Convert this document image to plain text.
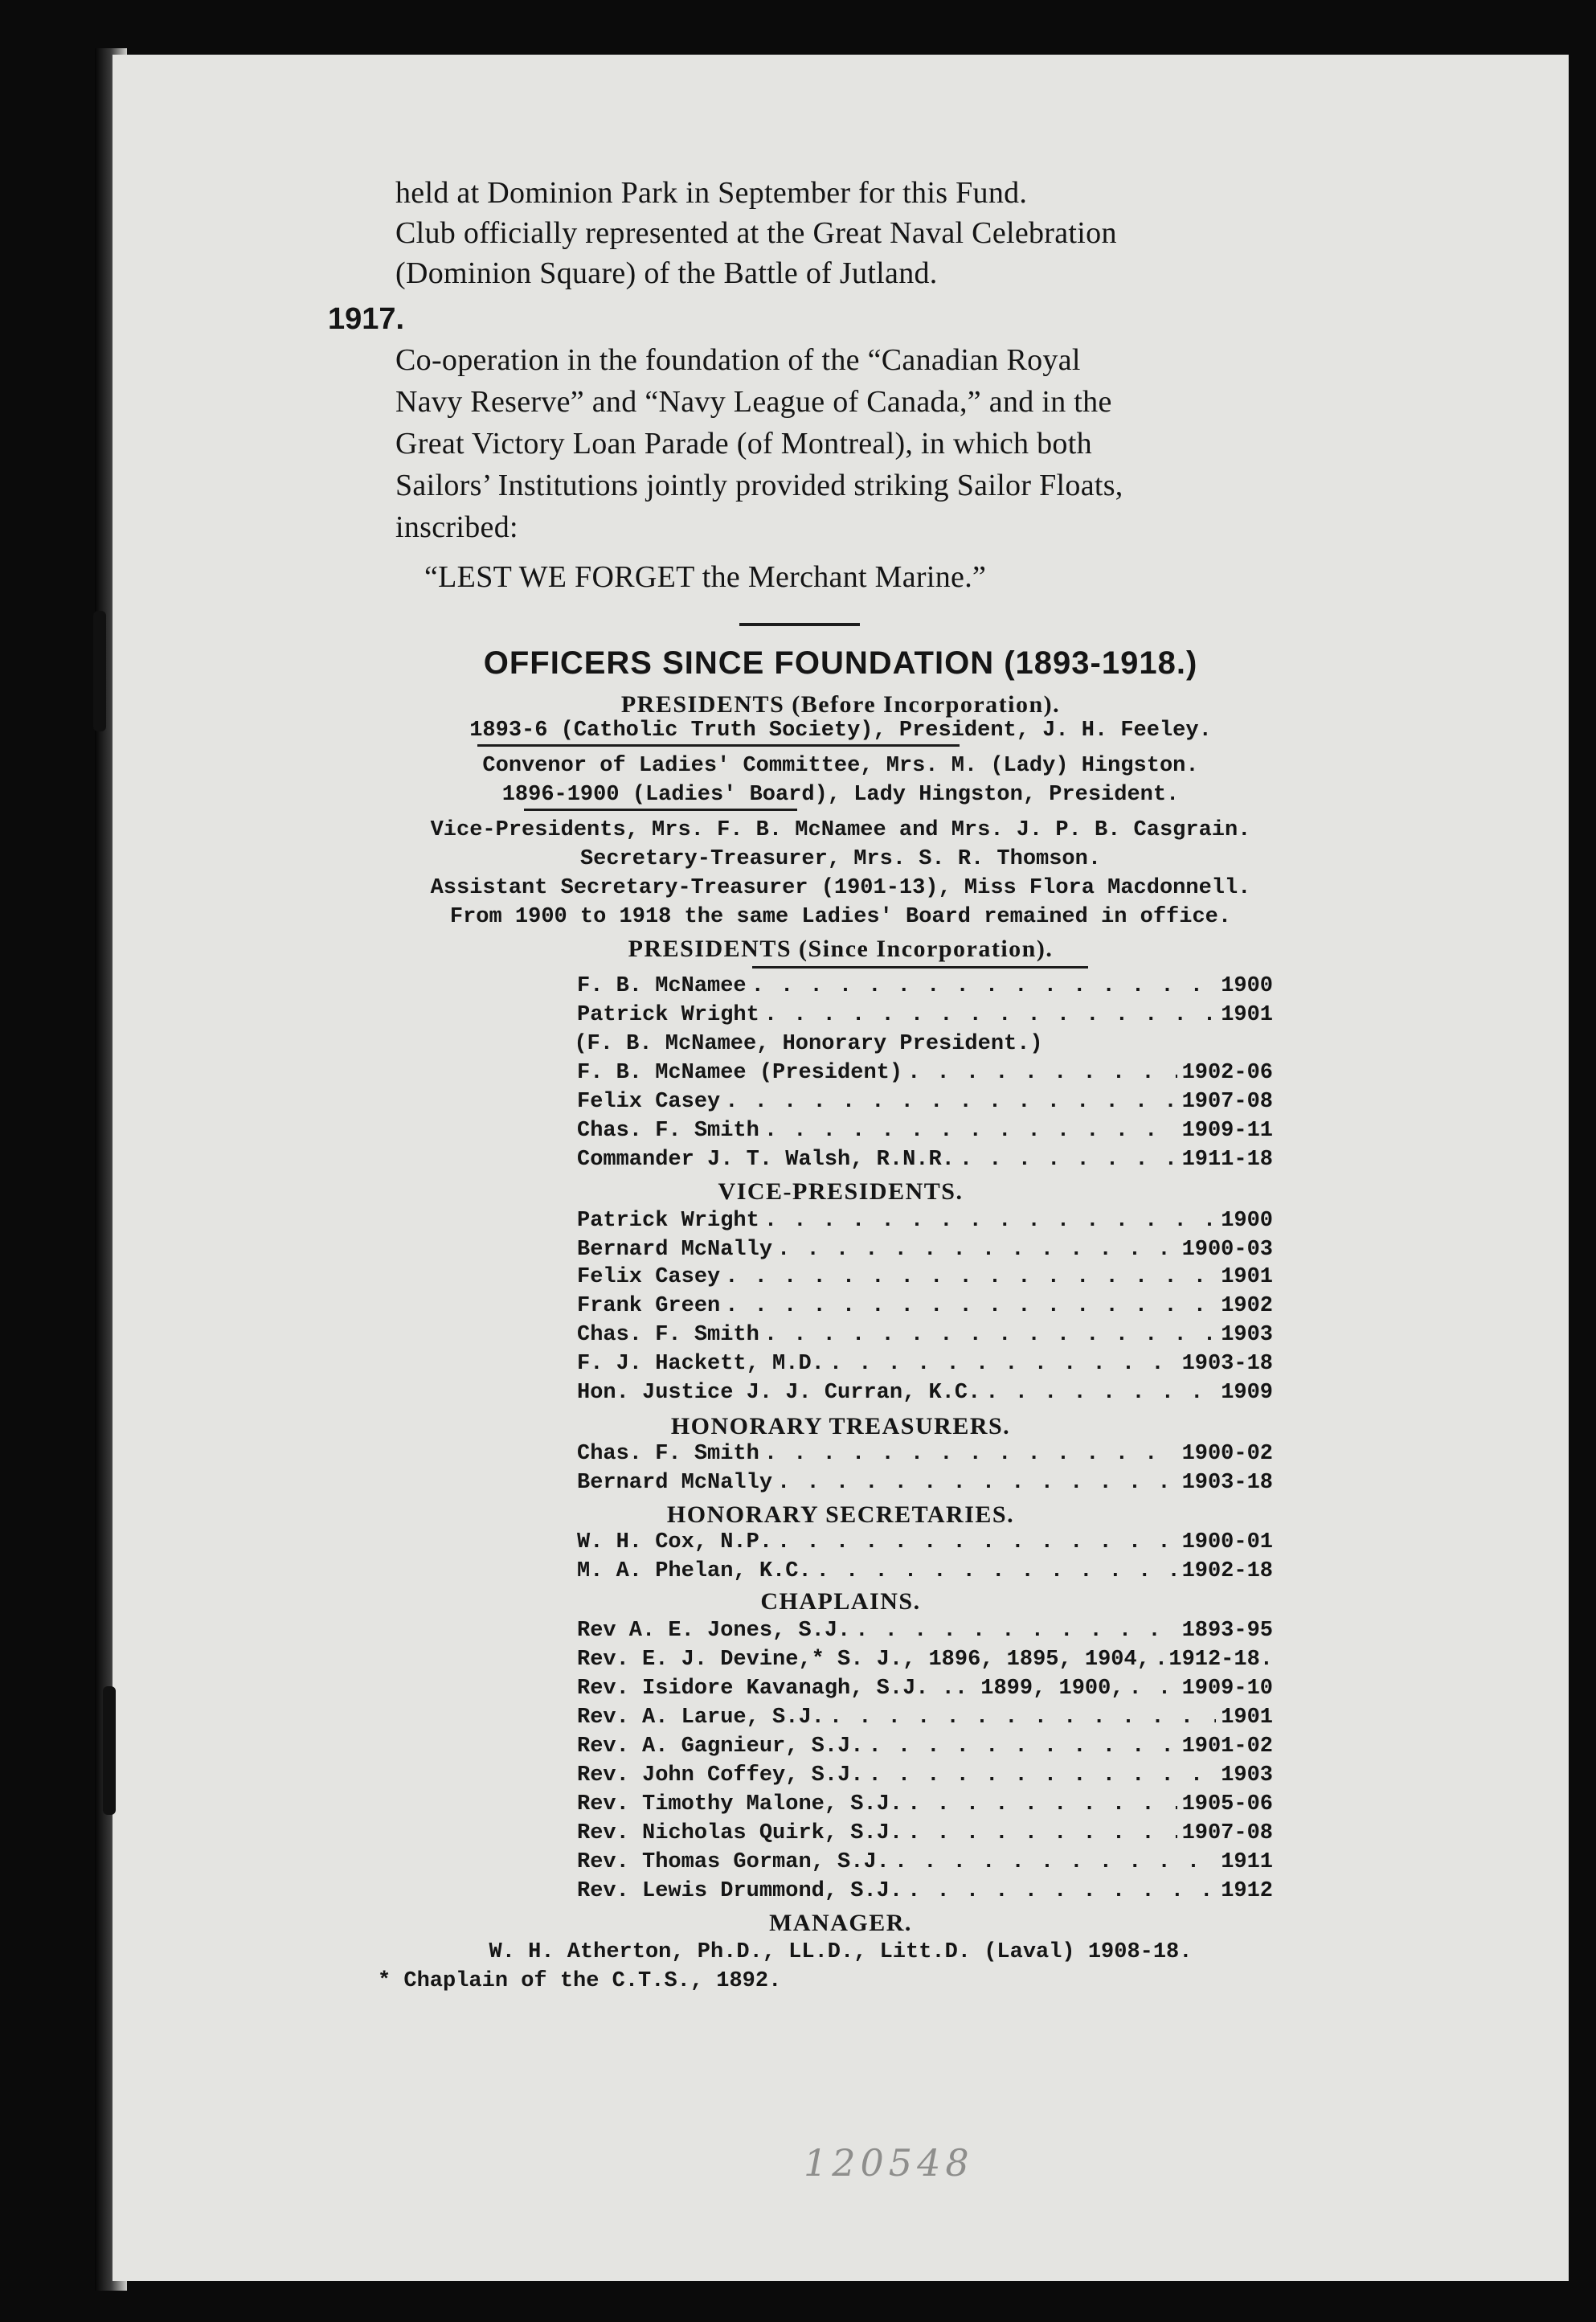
held at Dominion Park in September for this Fund.
Club officially represented at the Great Naval Celebration
(Dominion Square) of the Battle of Jutland.
1917.
Co-operation in the foundation of the “Canadian Royal
Navy Reserve” and “Navy League of Canada,” and in the
Great Victory Loan Parade (of Montreal), in which both
Sailors’ Institutions jointly provided striking Sailor Floats,
inscribed:
“LEST WE FORGET the Merchant Marine.”
OFFICERS SINCE FOUNDATION (1893-1918.)
PRESIDENTS (Before Incorporation).
1893-6 (Catholic Truth Society), President, J. H. Feeley.
Convenor of Ladies' Committee, Mrs. M. (Lady) Hingston.
1896-1900 (Ladies' Board), Lady Hingston, President.
Vice-Presidents, Mrs. F. B. McNamee and Mrs. J. P. B. Casgrain.
Secretary-Treasurer, Mrs. S. R. Thomson.
Assistant Secretary-Treasurer (1901-13), Miss Flora Macdonnell.
From 1900 to 1918 the same Ladies' Board remained in office.
PRESIDENTS (Since Incorporation).
F. B. McNamee . . .	1900
Patrick Wright . . .	1901
(F. B. McNamee, Honorary President.)
F. B. McNamee (President) . . .	1902-06
Felix Casey . . .	1907-08
Chas. F. Smith . . .	1909-11
Commander J. T. Walsh, R.N.R. . . .	1911-18
VICE-PRESIDENTS.
Patrick Wright . . .	1900
Bernard McNally . . .	1900-03
Felix Casey . . .	1901
Frank Green . . .	1902
Chas. F. Smith . . .	1903
F. J. Hackett, M.D. . . .	1903-18
Hon. Justice J. J. Curran, K.C. . . .	1909
HONORARY TREASURERS.
Chas. F. Smith . . .	1900-02
Bernard McNally . . .	1903-18
HONORARY SECRETARIES.
W. H. Cox, N.P. . . .	1900-01
M. A. Phelan, K.C. . . .	1902-18
CHAPLAINS.
Rev A. E. Jones, S.J. . . .	1893-95
Rev. E. J. Devine,* S. J., 1896, 1895, 1904, . . . 1912-18.
Rev. Isidore Kavanagh, S.J. .. 1899, 1900, . . .	1909-10
Rev. A. Larue, S.J. . . .	1901
Rev. A. Gagnieur, S.J. . . .	1901-02
Rev. John Coffey, S.J. . . .	1903
Rev. Timothy Malone, S.J. . . .	1905-06
Rev. Nicholas Quirk, S.J. . . .	1907-08
Rev. Thomas Gorman, S.J. . . .	1911
Rev. Lewis Drummond, S.J. . . .	1912
MANAGER.
W. H. Atherton, Ph.D., LL.D., Litt.D. (Laval) 1908-18.
* Chaplain of the C.T.S., 1892.
120548
